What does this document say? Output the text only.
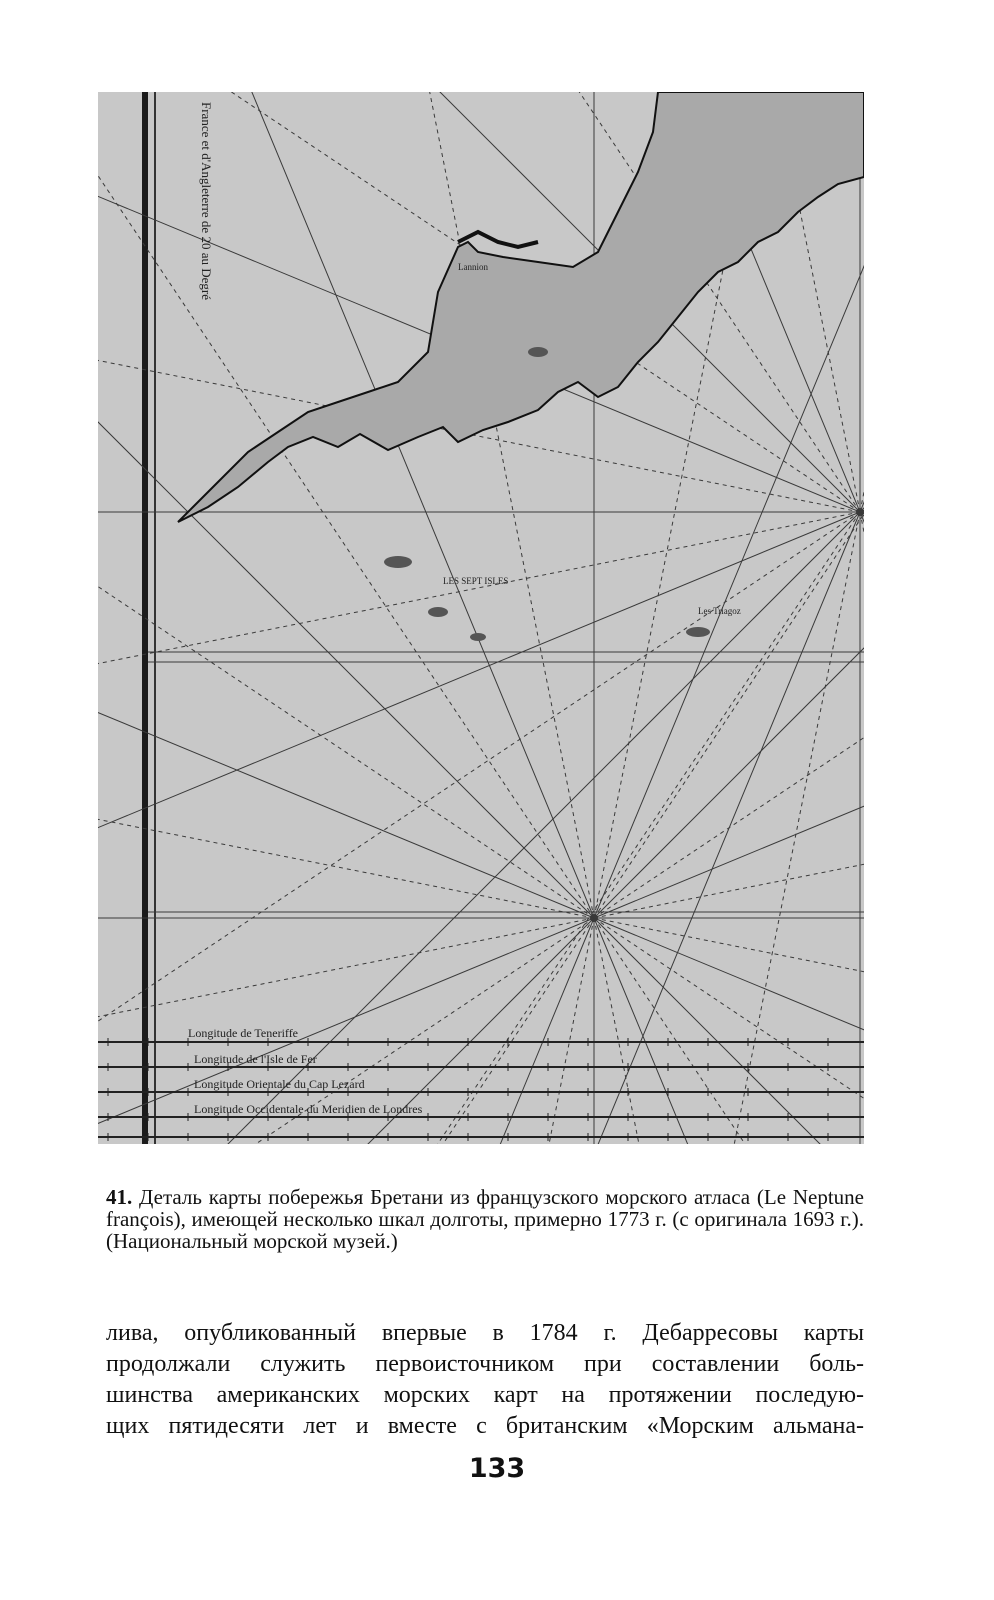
France et d'Angleterre de 20 au Degré	Lannion
LES SEPT ISLES
Les Triagoz
Longitude de Teneriffe
Longitude de l'Isle de Fer
Longitude Orientale du Cap Lezard
Longitude Occidentale du Meridien de Londres
41. Деталь карты побережья Бретани из французского морского атласа (Le Neptune françois), имеющей несколько шкал долготы, примерно 1773 г. (с оригинала 1693 г.). (Национальный морской музей.)
лива, опубликованный впервые в 1784 г. Дебарресовы карты
продолжали служить первоисточником при составлении боль-
шинства американских морских карт на протяжении последую-
щих пятидесяти лет и вместе с британским «Морским альмана-
133
